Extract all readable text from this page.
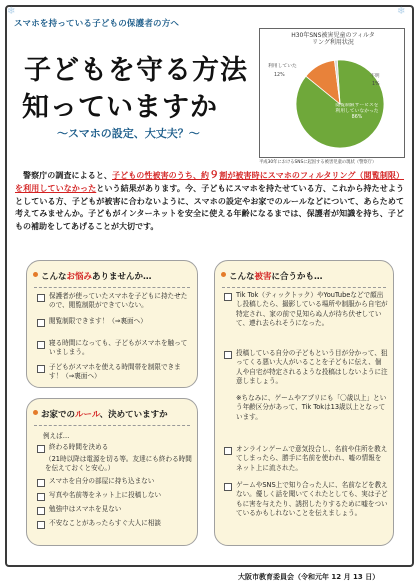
❄	❄
スマホを持っている子どもの保護者の方へ
子どもを守る方法
知っていますか
～スマホの設定、大丈夫？～
H30年SNS被害児童のフィルタ
リング利用状況
利用していた
12%	不明
1%
閲覧制限サービスを利用していなかった
86%
平成30年におけるSNSに起因する被害児童の現状（警察庁）
警察庁の調査によると、子どもの性被害のうち、約９割が被害時にスマホのフィルタリング（閲覧制限）を利用していなかったという結果があります。今、子どもにスマホを持たせている方、これから持たせようとしている方、子どもが被害に合わないように、スマホの設定やお家でのルールなどについて、あらためて考えてみませんか。子どもがインターネットを安全に使える年齢になるまでは、保護者が知識を持ち、子どもの補助をしてあげることが大切です。
こんなお悩みありませんか…
保護者が使っていたスマホを子どもに持たせたので、閲覧制限ができていない。
閲覧制限できます！（⇒裏面へ）
寝る時間になっても、子どもがスマホを触っていましまう。
子どもがスマホを使える時間帯を制限できます！（⇒裏面へ）
こんな被害に合うかも…
Tik Tok（ティックトック）やYouTubeなどで顔出し投稿したら、撮影している場所や制服から自宅が特定され、家の前で見知らぬ人が待ち伏せしていて、連れ去られそうになった。
投稿している自分の子どもという目が分かって、狙ってくる悪い大人がいることを子どもに伝え、個人や自宅が特定されるような投稿はしないように注意しましょう。
※ちなみに、ゲームやアプリにも「〇歳以上」という年齢区分があって、Tik Tokは13歳以上となっています。
オンラインゲームで意気投合し、名前や住所を教えてしまったら、勝手に名前を使われ、嘘の情報をネット上に流された。
ゲームやSNS上で知り合った人に、名前などを教えない。優しく話を聞いてくれたとしても、実は子どもに害を与えたり、誘拐したりするために嘘をついているかもしれないことを伝えましょう。
お家でのルール、決めていますか
例えば…
終わる時間を決める
（21時以降は電源を切る等。友達にも終わる時間を伝えておくと安心。）
スマホを自分の部屋に持ち込まない
写真や名前等をネット上に投稿しない
勉強中はスマホを見ない
不安なことがあったらすぐ大人に相談
大阪市教育委員会（令和元年 12 月 13 日）
